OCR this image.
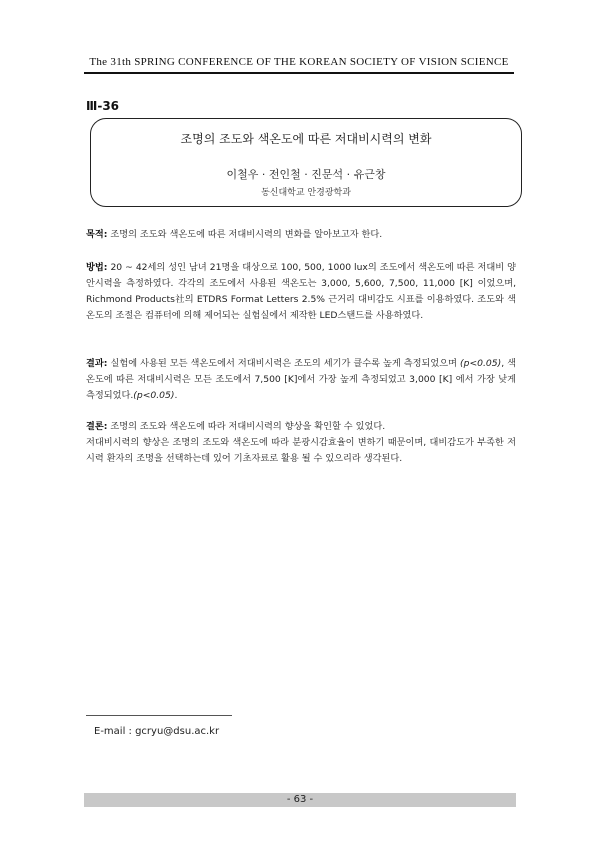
The 31th SPRING CONFERENCE OF THE KOREAN SOCIETY OF VISION SCIENCE
Ⅲ-36
조명의 조도와 색온도에 따른 저대비시력의 변화
이철우 · 전인철 · 진문석 · 유근창
동신대학교 안경광학과
목적: 조명의 조도와 색온도에 따른 저대비시력의 변화를 알아보고자 한다.
방법: 20 ~ 42세의 성인 남녀 21명을 대상으로 100, 500, 1000 lux의 조도에서 색온도에 따른 저대비 양안시력을 측정하였다. 각각의 조도에서 사용된 색온도는 3,000, 5,600, 7,500, 11,000 [K] 이었으며, Richmond Products社의 ETDRS Format Letters 2.5% 근거리 대비감도 시표를 이용하였다. 조도와 색온도의 조절은 컴퓨터에 의해 제어되는 실험실에서 제작한 LED스탠드를 사용하였다.
결과: 실험에 사용된 모든 색온도에서 저대비시력은 조도의 세기가 클수록 높게 측정되었으며 (p<0.05), 색온도에 따른 저대비시력은 모든 조도에서 7,500 [K]에서 가장 높게 측정되었고 3,000 [K] 에서 가장 낮게 측정되었다.(p<0.05).
결론: 조명의 조도와 색온도에 따라 저대비시력의 향상을 확인할 수 있었다.
저대비시력의 향상은 조명의 조도와 색온도에 따라 분광시감효율이 변하기 때문이며, 대비감도가 부족한 저시력 환자의 조명을 선택하는데 있어 기초자료로 활용 될 수 있으리라 생각된다.
E-mail : gcryu@dsu.ac.kr
- 63 -
